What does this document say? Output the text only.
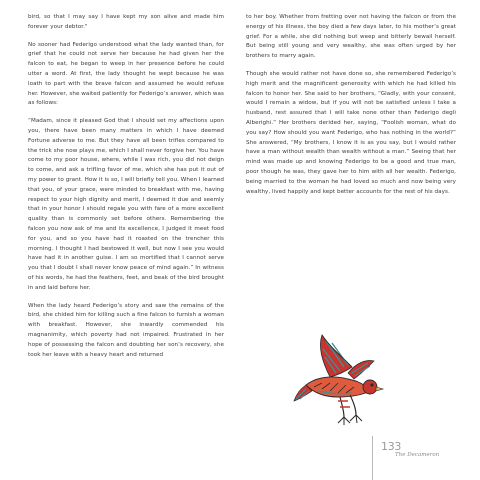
bird, so that I may say I have kept my son alive and made him forever your debtor."

No sooner had Federigo understood what the lady wanted than, for grief that he could not serve her because he had given her the falcon to eat, he began to weep in her presence before he could utter a word. At first, the lady thought he wept because he was loath to part with the brave falcon and assumed he would refuse her. However, she waited patiently for Federigo’s answer, which was as follows:

“Madam, since it pleased God that I should set my affections upon you, there have been many matters in which I have deemed Fortune adverse to me. But they have all been trifles compared to the trick she now plays me, which I shall never forgive her. You have come to my poor house, where, while I was rich, you did not deign to come, and ask a trifling favor of me, which she has put it out of my power to grant. How it is so, I will briefly tell you. When I learned that you, of your grace, were minded to breakfast with me, having respect to your high dignity and merit, I deemed it due and seemly that in your honor I should regale you with fare of a more excellent quality than is commonly set before others. Remembering the falcon you now ask of me and its excellence, I judged it meet food for you, and so you have had it roasted on the trencher this morning. I thought I had bestowed it well, but now I see you would have had it in another guise. I am so mortified that I cannot serve you that I doubt I shall never know peace of mind again.” In witness of his words, he had the feathers, feet, and beak of the bird brought in and laid before her.

When the lady heard Federigo’s story and saw the remains of the bird, she chided him for killing such a fine falcon to furnish a woman with breakfast. However, she inwardly commended his magnanimity, which poverty had not impaired. Frustrated in her hope of possessing the falcon and doubting her son’s recovery, she took her leave with a heavy heart and returned

to her boy. Whether from fretting over not having the falcon or from the energy of his illness, the boy died a few days later, to his mother’s great grief. For a while, she did nothing but weep and bitterly bewail herself. But being still young and very wealthy, she was often urged by her brothers to marry again.

Though she would rather not have done so, she remembered Federigo’s high merit and the magnificent generosity with which he had killed his falcon to honor her. She said to her brothers, “Gladly, with your consent, would I remain a widow, but if you will not be satisfied unless I take a husband, rest assured that I will take none other than Federigo degli Alberighi.” Her brothers derided her, saying, “Foolish woman, what do you say? How should you want Federigo, who has nothing in the world?” She answered, “My brothers, I know it is as you say, but I would rather have a man without wealth than wealth without a man.” Seeing that her mind was made up and knowing Federigo to be a good and true man, poor though he was, they gave her to him with all her wealth. Federigo, being married to the woman he had loved so much and now being very wealthy, lived happily and kept better accounts for the rest of his days.

133
The Decameron
